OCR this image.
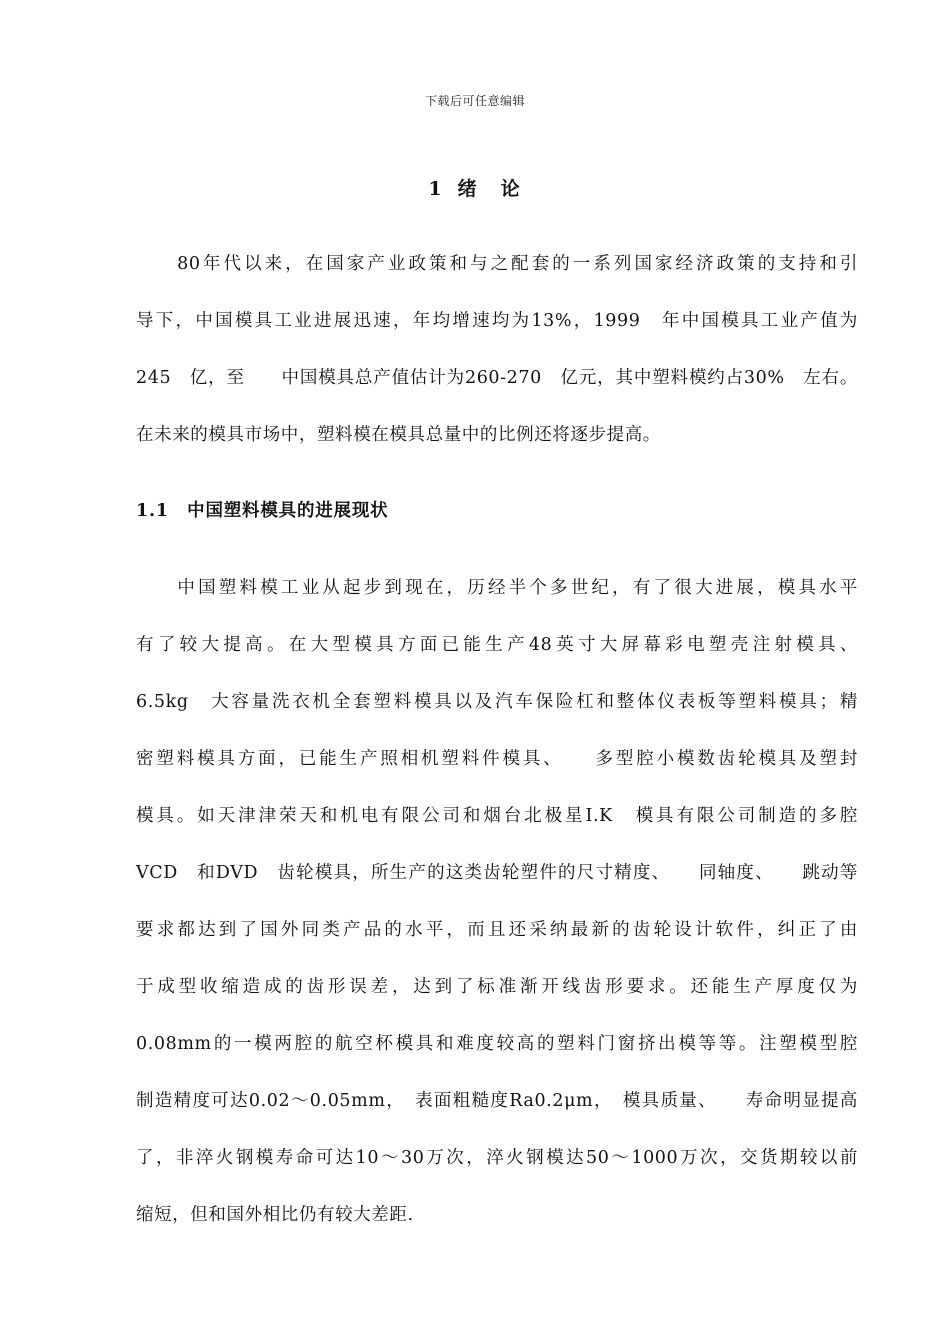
下载后可任意编辑
1 绪 论
　　80年代以来，在国家产业政策和与之配套的一系列国家经济政策的支持和引
导下，中国模具工业进展迅速，年均增速均为13%，1999　年中国模具工业产值为
245　亿，至　　中国模具总产值估计为260-270　亿元，其中塑料模约占30%　左右。
在未来的模具市场中，塑料模在模具总量中的比例还将逐步提高。
1.1　中国塑料模具的进展现状
　　中国塑料模工业从起步到现在，历经半个多世纪，有了很大进展，模具水平
有了较大提高。在大型模具方面已能生产48英寸大屏幕彩电塑壳注射模具、
6.5kg　大容量洗衣机全套塑料模具以及汽车保险杠和整体仪表板等塑料模具；精
密塑料模具方面，已能生产照相机塑料件模具、　　多型腔小模数齿轮模具及塑封
模具。如天津津荣天和机电有限公司和烟台北极星I.K　模具有限公司制造的多腔
VCD　和DVD　齿轮模具，所生产的这类齿轮塑件的尺寸精度、　　同轴度、　　跳动等
要求都达到了国外同类产品的水平，而且还采纳最新的齿轮设计软件，纠正了由
于成型收缩造成的齿形误差，达到了标准渐开线齿形要求。还能生产厚度仅为
0.08mm的一模两腔的航空杯模具和难度较高的塑料门窗挤出模等等。注塑模型腔
制造精度可达0.02～0.05mm，　表面粗糙度Ra0.2μm，　模具质量、　　寿命明显提高
了，非淬火钢模寿命可达10～30万次，淬火钢模达50～1000万次，交货期较以前
缩短，但和国外相比仍有较大差距.
